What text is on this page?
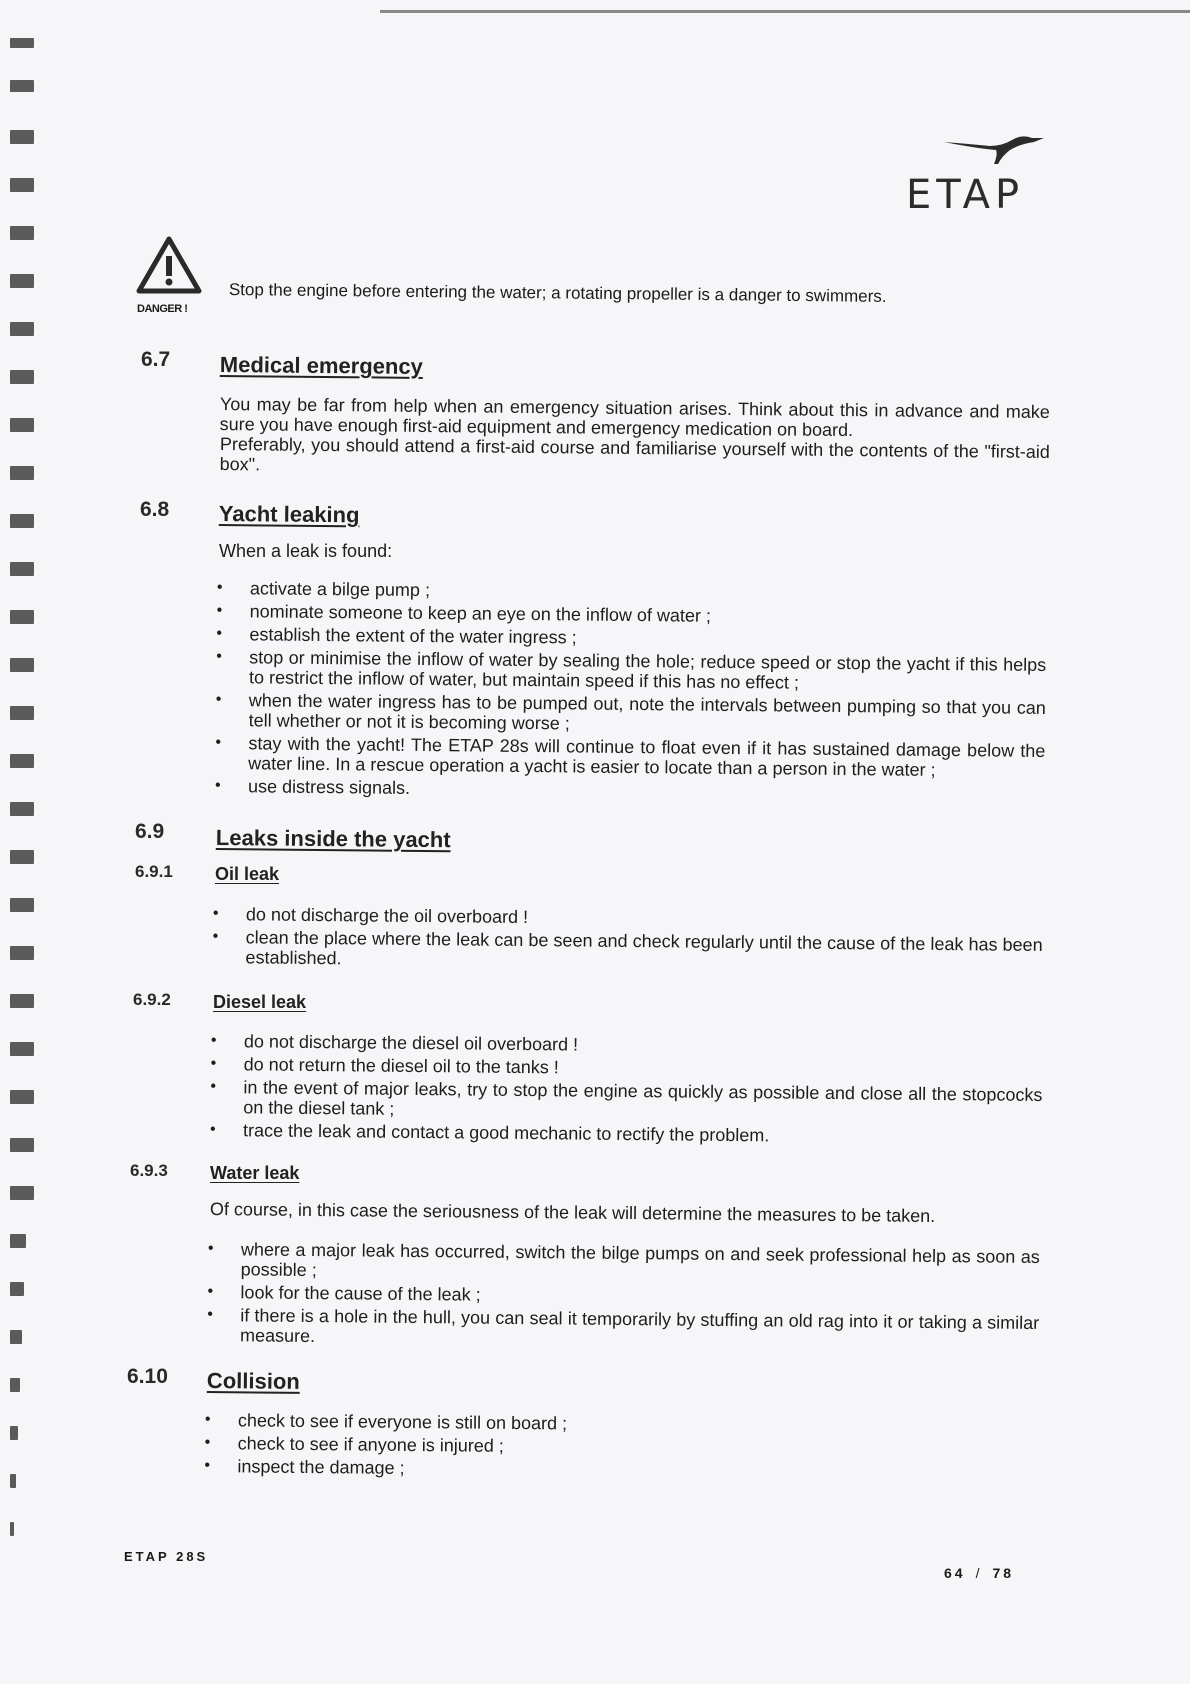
ETAP
DANGER !
Stop the engine before entering the water; a rotating propeller is a danger to swimmers.
6.7 Medical emergency
You may be far from help when an emergency situation arises. Think about this in advance and make sure you have enough first-aid equipment and emergency medication on board.
Preferably, you should attend a first-aid course and familiarise yourself with the contents of the "first-aid box".
6.8 Yacht leaking
When a leak is found:
• activate a bilge pump ;
• nominate someone to keep an eye on the inflow of water ;
• establish the extent of the water ingress ;
• stop or minimise the inflow of water by sealing the hole; reduce speed or stop the yacht if this helps to restrict the inflow of water, but maintain speed if this has no effect ;
• when the water ingress has to be pumped out, note the intervals between pumping so that you can tell whether or not it is becoming worse ;
• stay with the yacht! The ETAP 28s will continue to float even if it has sustained damage below the water line. In a rescue operation a yacht is easier to locate than a person in the water ;
• use distress signals.
6.9 Leaks inside the yacht
6.9.1 Oil leak
• do not discharge the oil overboard !
• clean the place where the leak can be seen and check regularly until the cause of the leak has been established.
6.9.2 Diesel leak
• do not discharge the diesel oil overboard !
• do not return the diesel oil to the tanks !
• in the event of major leaks, try to stop the engine as quickly as possible and close all the stopcocks on the diesel tank ;
• trace the leak and contact a good mechanic to rectify the problem.
6.9.3 Water leak
Of course, in this case the seriousness of the leak will determine the measures to be taken.
• where a major leak has occurred, switch the bilge pumps on and seek professional help as soon as possible ;
• look for the cause of the leak ;
• if there is a hole in the hull, you can seal it temporarily by stuffing an old rag into it or taking a similar measure.
6.10 Collision
• check to see if everyone is still on board ;
• check to see if anyone is injured ;
• inspect the damage ;
ETAP 28S
64 / 78
